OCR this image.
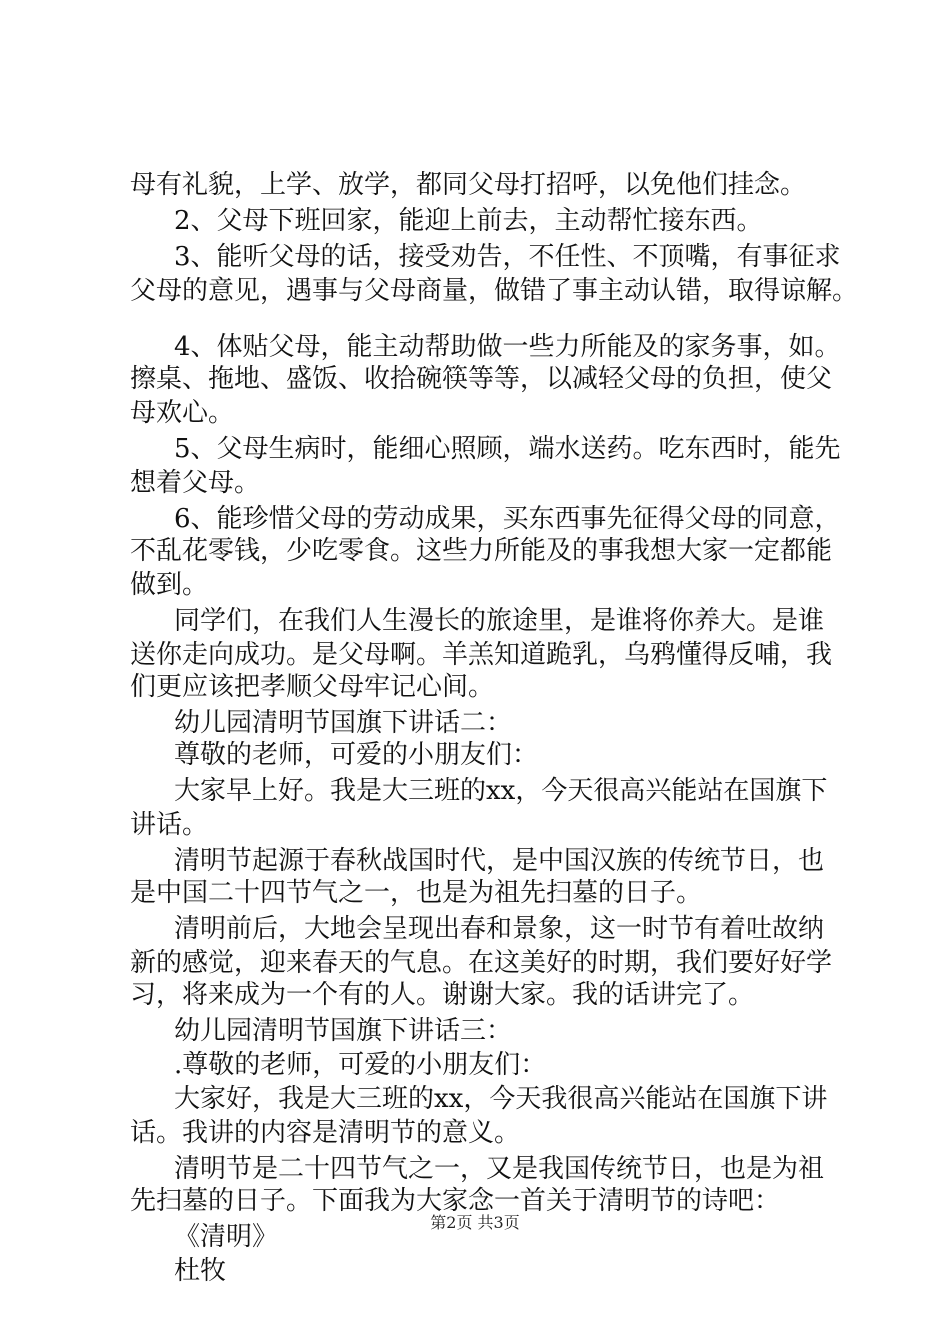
母有礼貌，上学、放学，都同父母打招呼，以免他们挂念。
2、父母下班回家，能迎上前去，主动帮忙接东西。
3、能听父母的话，接受劝告，不任性、不顶嘴，有事征求
父母的意见，遇事与父母商量，做错了事主动认错，取得谅解。
4、体贴父母，能主动帮助做一些力所能及的家务事，如。
擦桌、拖地、盛饭、收拾碗筷等等，以减轻父母的负担，使父
母欢心。
5、父母生病时，能细心照顾，端水送药。吃东西时，能先
想着父母。
6、能珍惜父母的劳动成果，买东西事先征得父母的同意，
不乱花零钱，少吃零食。这些力所能及的事我想大家一定都能
做到。
同学们，在我们人生漫长的旅途里，是谁将你养大。是谁
送你走向成功。是父母啊。羊羔知道跪乳，乌鸦懂得反哺，我
们更应该把孝顺父母牢记心间。
幼儿园清明节国旗下讲话二：
尊敬的老师，可爱的小朋友们：
大家早上好。我是大三班的xx，今天很高兴能站在国旗下
讲话。
清明节起源于春秋战国时代，是中国汉族的传统节日，也
是中国二十四节气之一，也是为祖先扫墓的日子。
清明前后，大地会呈现出春和景象，这一时节有着吐故纳
新的感觉，迎来春天的气息。在这美好的时期，我们要好好学
习，将来成为一个有的人。谢谢大家。我的话讲完了。
幼儿园清明节国旗下讲话三：
.尊敬的老师，可爱的小朋友们：
大家好，我是大三班的xx，今天我很高兴能站在国旗下讲
话。我讲的内容是清明节的意义。
清明节是二十四节气之一，又是我国传统节日，也是为祖
先扫墓的日子。下面我为大家念一首关于清明节的诗吧：
《清明》
杜牧
第2页 共3页
